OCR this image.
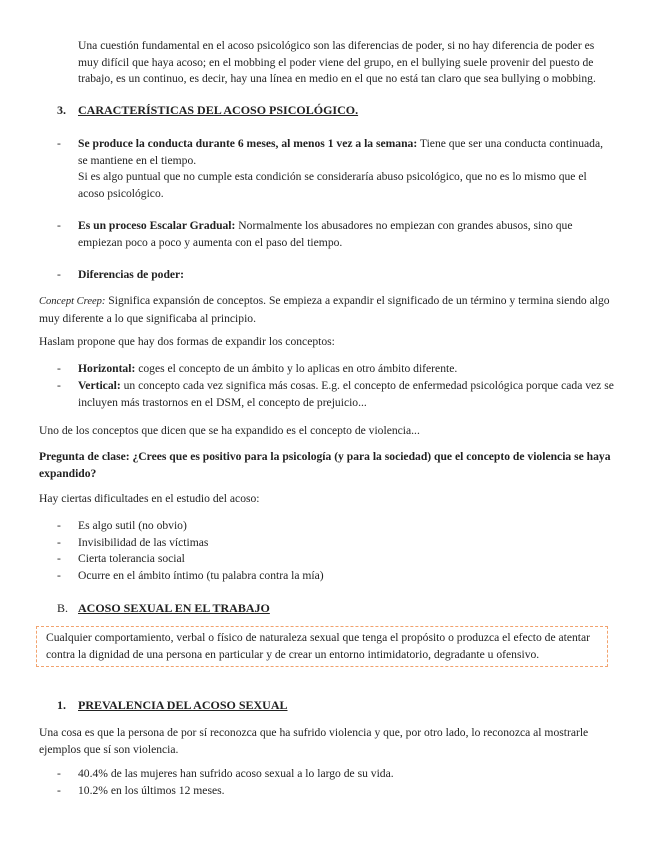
Una cuestión fundamental en el acoso psicológico son las diferencias de poder, si no hay diferencia de poder es muy difícil que haya acoso; en el mobbing el poder viene del grupo, en el bullying suele provenir del puesto de trabajo, es un continuo, es decir, hay una línea en medio en el que no está tan claro que sea bullying o mobbing.
3. CARACTERÍSTICAS DEL ACOSO PSICOLÓGICO.
- Se produce la conducta durante 6 meses, al menos 1 vez a la semana: Tiene que ser una conducta continuada, se mantiene en el tiempo.
Si es algo puntual que no cumple esta condición se consideraría abuso psicológico, que no es lo mismo que el acoso psicológico.
- Es un proceso Escalar Gradual: Normalmente los abusadores no empiezan con grandes abusos, sino que empiezan poco a poco y aumenta con el paso del tiempo.
- Diferencias de poder:
Concept Creep: Significa expansión de conceptos. Se empieza a expandir el significado de un término y termina siendo algo muy diferente a lo que significaba al principio.
Haslam propone que hay dos formas de expandir los conceptos:
- Horizontal: coges el concepto de un ámbito y lo aplicas en otro ámbito diferente.
- Vertical: un concepto cada vez significa más cosas. E.g. el concepto de enfermedad psicológica porque cada vez se incluyen más trastornos en el DSM, el concepto de prejuicio...
Uno de los conceptos que dicen que se ha expandido es el concepto de violencia...
Pregunta de clase: ¿Crees que es positivo para la psicología (y para la sociedad) que el concepto de violencia se haya expandido?
Hay ciertas dificultades en el estudio del acoso:
- Es algo sutil (no obvio)
- Invisibilidad de las víctimas
- Cierta tolerancia social
- Ocurre en el ámbito íntimo (tu palabra contra la mía)
B. ACOSO SEXUAL EN EL TRABAJO
Cualquier comportamiento, verbal o físico de naturaleza sexual que tenga el propósito o produzca el efecto de atentar contra la dignidad de una persona en particular y de crear un entorno intimidatorio, degradante u ofensivo.
1. PREVALENCIA DEL ACOSO SEXUAL
Una cosa es que la persona de por sí reconozca que ha sufrido violencia y que, por otro lado, lo reconozca al mostrarle ejemplos que sí son violencia.
- 40.4% de las mujeres han sufrido acoso sexual a lo largo de su vida.
- 10.2% en los últimos 12 meses.
